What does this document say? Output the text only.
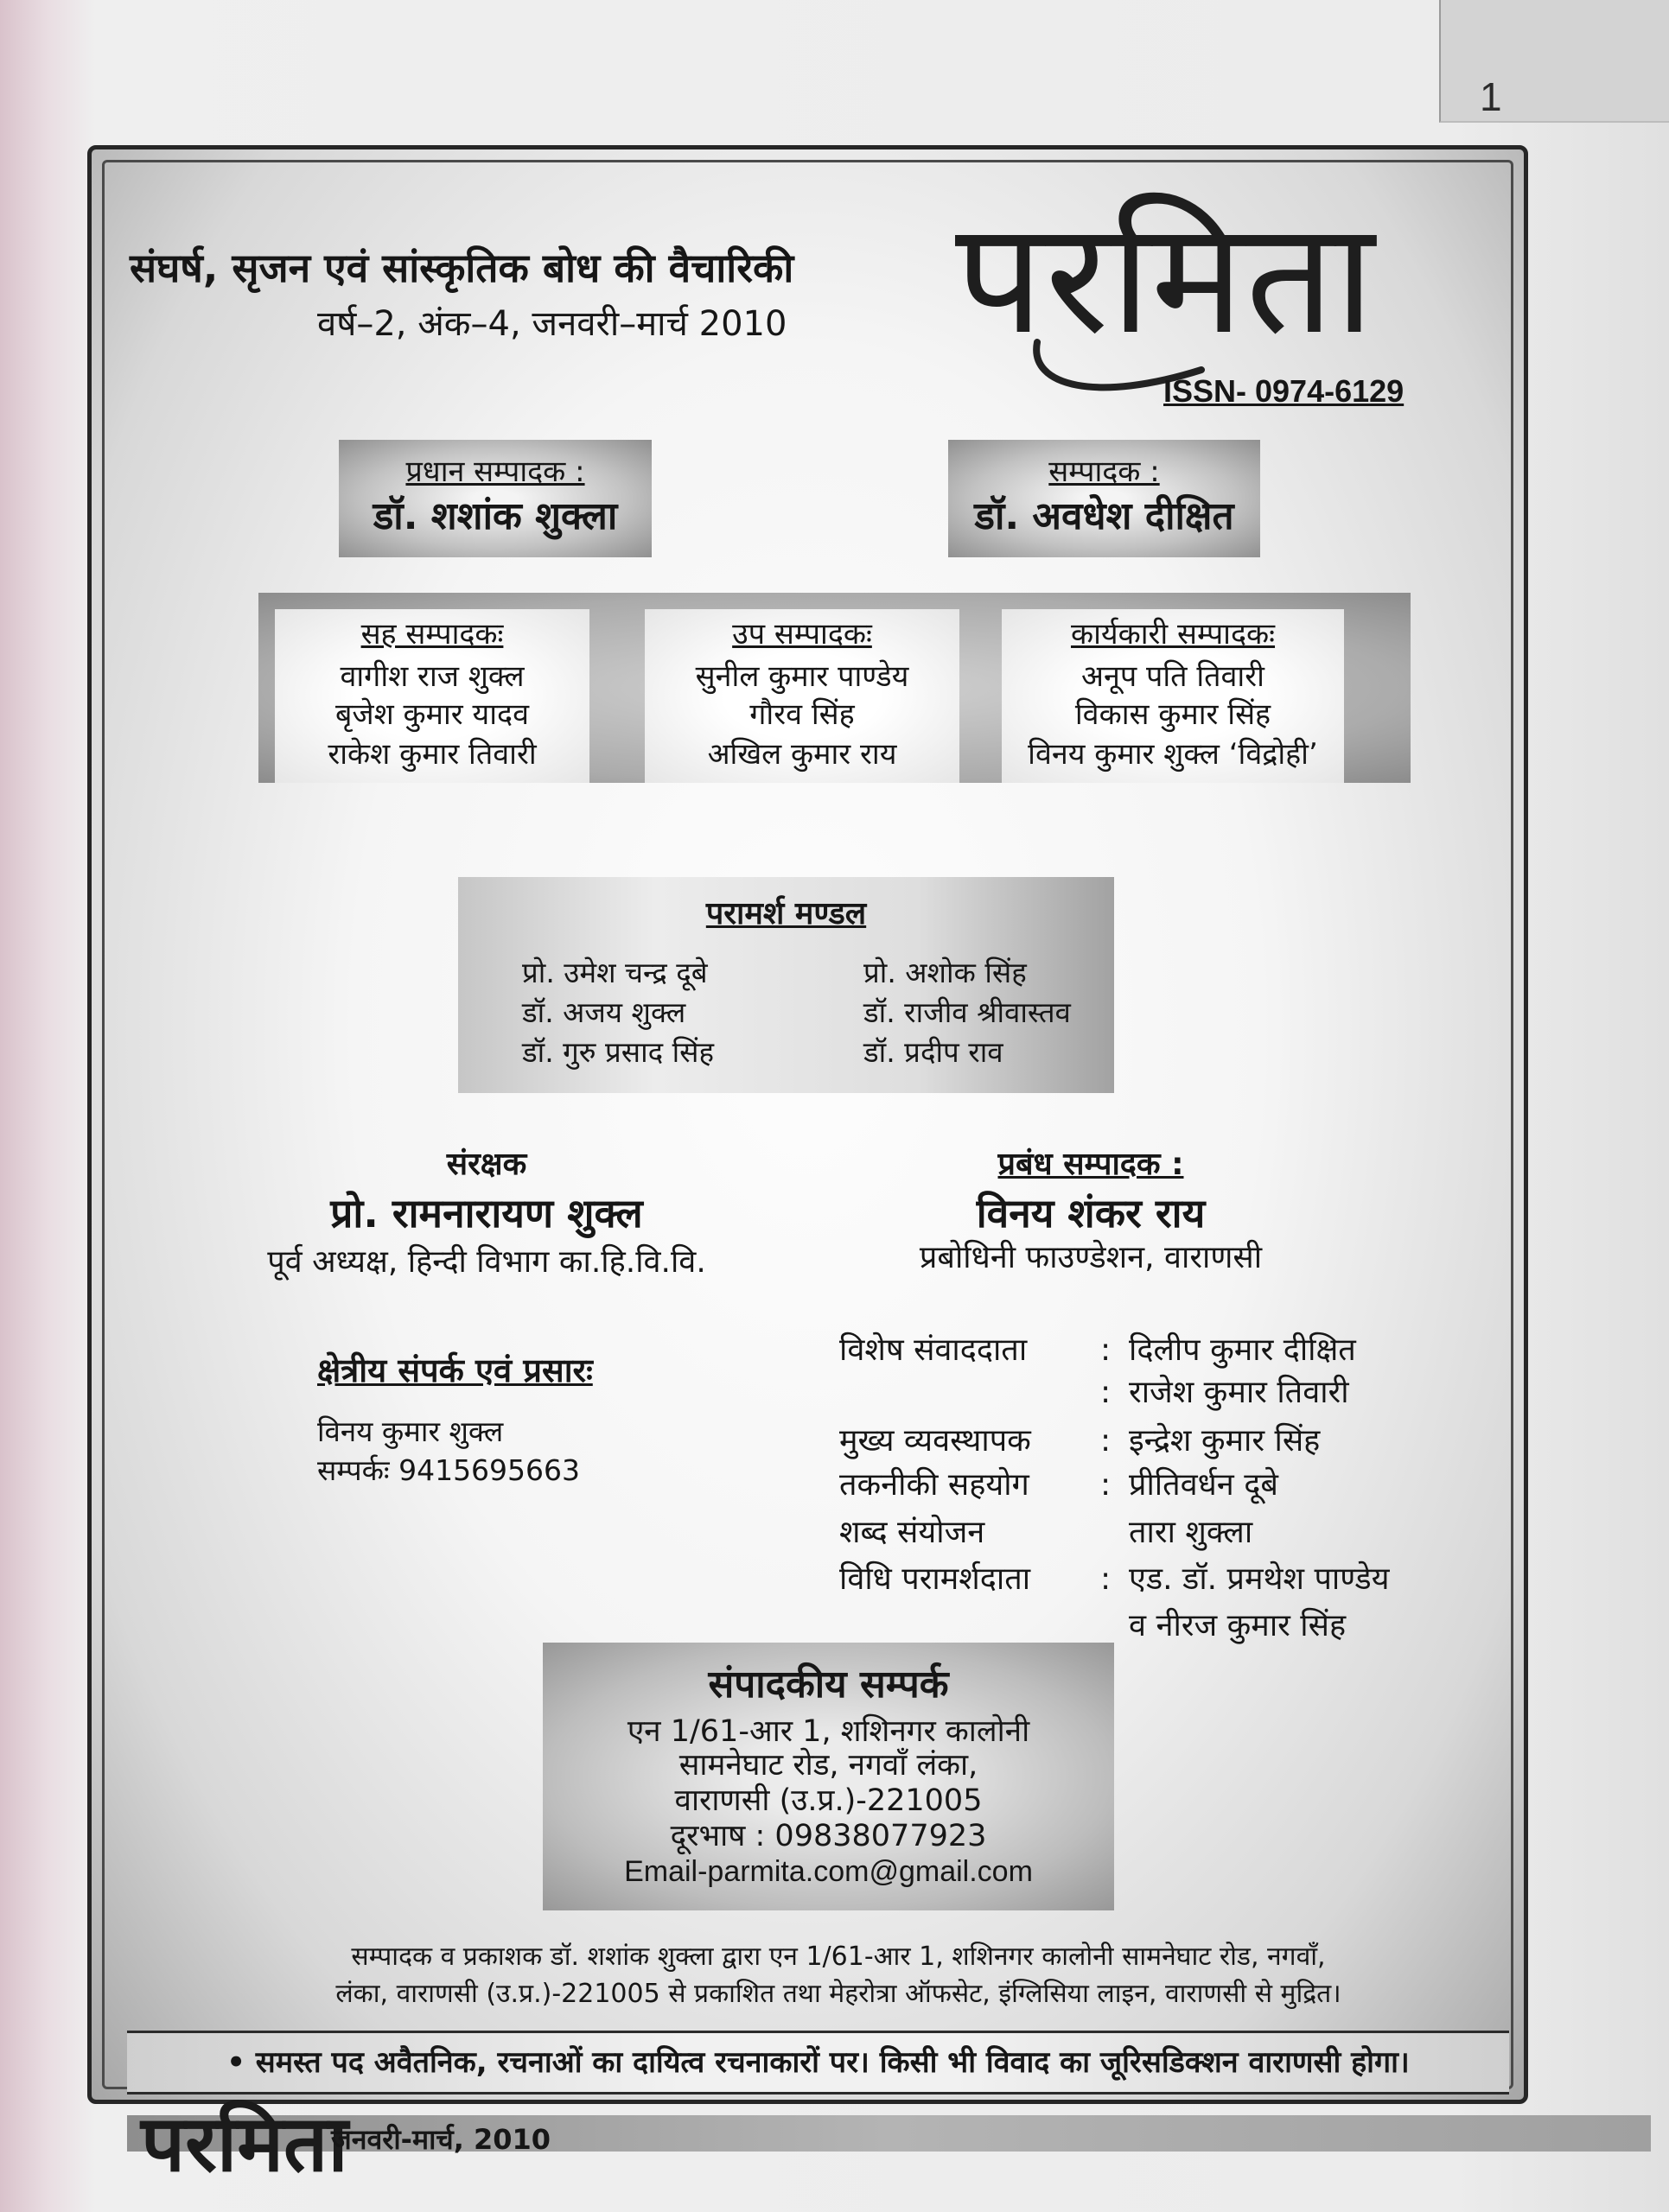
1
संघर्ष, सृजन एवं सांस्कृतिक बोध की वैचारिकी
वर्ष–2, अंक–4, जनवरी–मार्च 2010 परमिता
ISSN- 0974-6129
प्रधान सम्पादक :
डॉ. शशांक शुक्ला
सम्पादक :
डॉ. अवधेश दीक्षित
सह सम्पादकः
वागीश राज शुक्ल
बृजेश कुमार यादव
राकेश कुमार तिवारी
उप सम्पादकः
सुनील कुमार पाण्डेय
गौरव सिंह
अखिल कुमार राय
कार्यकारी सम्पादकः
अनूप पति तिवारी
विकास कुमार सिंह
विनय कुमार शुक्ल ‘विद्रोही’
परामर्श मण्डल
प्रो. उमेश चन्द्र दूबे
डॉ. अजय शुक्ल
डॉ. गुरु प्रसाद सिंह
प्रो. अशोक सिंह
डॉ. राजीव श्रीवास्तव
डॉ. प्रदीप राव
संरक्षक
प्रो. रामनारायण शुक्ल
पूर्व अध्यक्ष, हिन्दी विभाग का.हि.वि.वि.
प्रबंध सम्पादक :
विनय शंकर राय
प्रबोधिनी फाउण्डेशन, वाराणसी
क्षेत्रीय संपर्क एवं प्रसारः
विनय कुमार शुक्ल
सम्पर्कः 9415695663
विशेष संवाददाता : दिलीप कुमार दीक्षित
: राजेश कुमार तिवारी
मुख्य व्यवस्थापक : इन्द्रेश कुमार सिंह
तकनीकी सहयोग : प्रीतिवर्धन दूबे
शब्द संयोजन	तारा शुक्ला
विधि परामर्शदाता : एड. डॉ. प्रमथेश पाण्डेय
व नीरज कुमार सिंह
संपादकीय सम्पर्क
एन 1/61-आर 1, शशिनगर कालोनी
सामनेघाट रोड, नगवाँ लंका,
वाराणसी (उ.प्र.)-221005
दूरभाष : 09838077923
Email-parmita.com@gmail.com
सम्पादक व प्रकाशक डॉ. शशांक शुक्ला द्वारा एन 1/61-आर 1, शशिनगर कालोनी सामनेघाट रोड, नगवाँ,
लंका, वाराणसी (उ.प्र.)-221005 से प्रकाशित तथा मेहरोत्रा ऑफसेट, इंग्लिसिया लाइन, वाराणसी से मुद्रित।
• समस्त पद अवैतनिक, रचनाओं का दायित्व रचनाकारों पर। किसी भी विवाद का जूरिसडिक्शन वाराणसी होगा।
परमिता
जनवरी-मार्च, 2010
